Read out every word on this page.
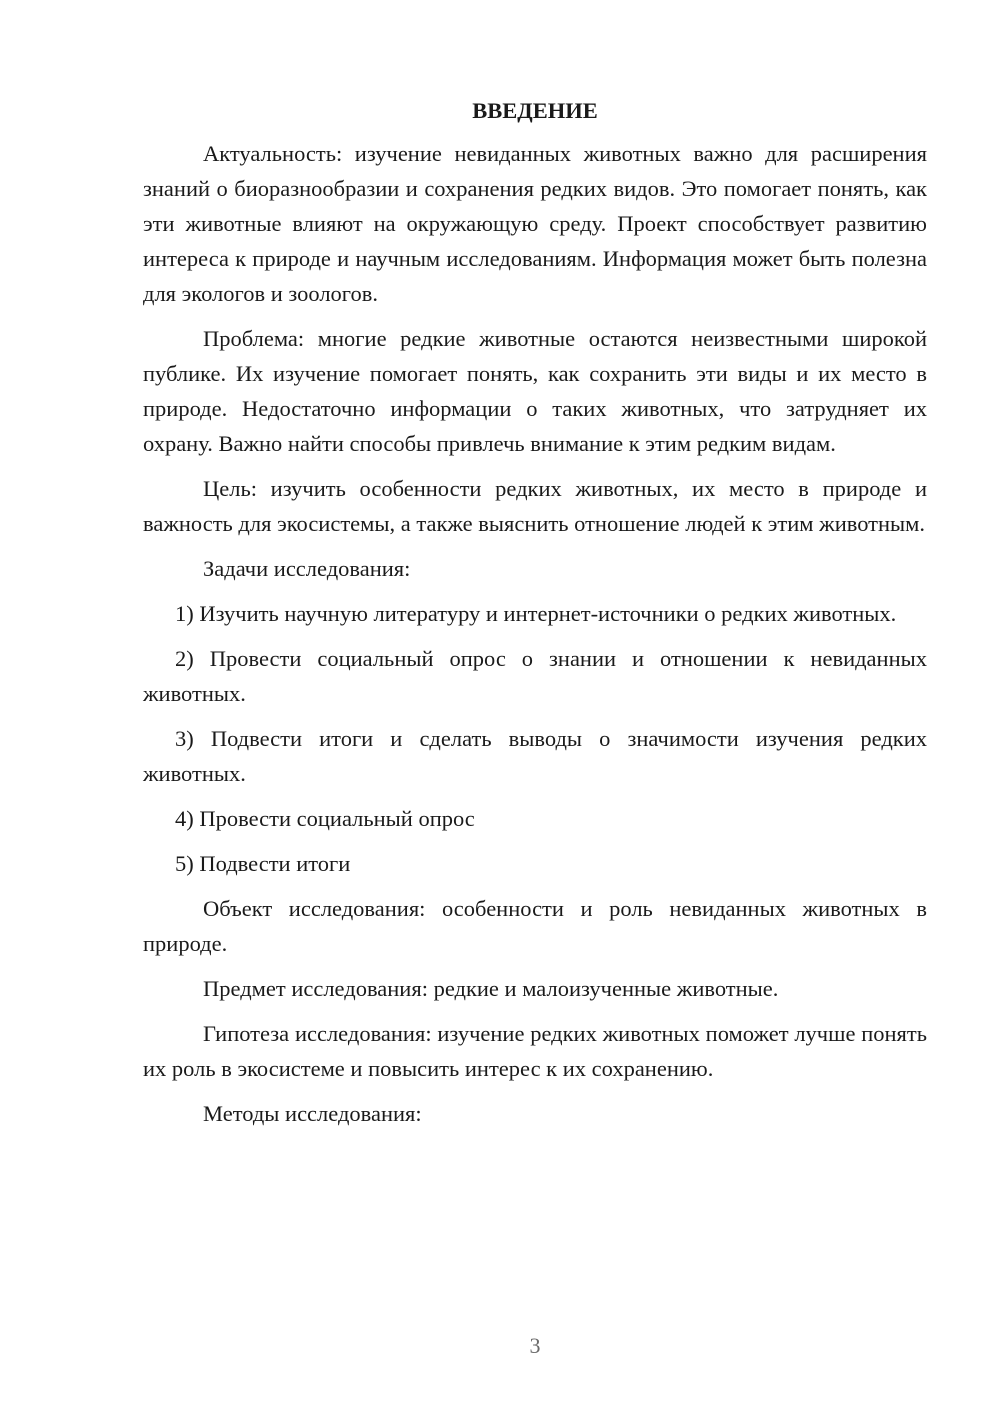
ВВЕДЕНИЕ

Актуальность: изучение невиданных животных важно для расширения знаний о биоразнообразии и сохранения редких видов. Это помогает понять, как эти животные влияют на окружающую среду. Проект способствует развитию интереса к природе и научным исследованиям. Информация может быть полезна для экологов и зоологов.

Проблема: многие редкие животные остаются неизвестными широкой публике. Их изучение помогает понять, как сохранить эти виды и их место в природе. Недостаточно информации о таких животных, что затрудняет их охрану. Важно найти способы привлечь внимание к этим редким видам.

Цель: изучить особенности редких животных, их место в природе и важность для экосистемы, а также выяснить отношение людей к этим животным.

Задачи исследования:

1) Изучить научную литературу и интернет-источники о редких животных.

2) Провести социальный опрос о знании и отношении к невиданных животных.

3) Подвести итоги и сделать выводы о значимости изучения редких животных.

4) Провести социальный опрос

5) Подвести итоги

Объект исследования: особенности и роль невиданных животных в природе.

Предмет исследования: редкие и малоизученные животные.

Гипотеза исследования: изучение редких животных поможет лучше понять их роль в экосистеме и повысить интерес к их сохранению.

Методы исследования:

3
